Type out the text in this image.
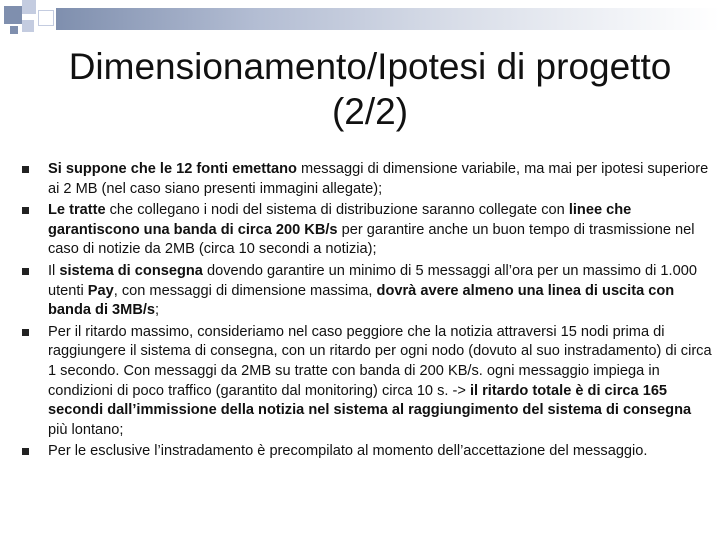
Dimensionamento/Ipotesi di progetto
(2/2)
Si suppone che le 12 fonti emettano messaggi di dimensione variabile, ma mai per ipotesi superiore ai 2 MB (nel caso siano presenti immagini allegate);
Le tratte che collegano i nodi del sistema di distribuzione saranno collegate con linee che garantiscono una banda di circa 200 KB/s per garantire anche un buon tempo di trasmissione nel caso di notizie da 2MB (circa 10 secondi a notizia);
Il sistema di consegna dovendo garantire un minimo di 5 messaggi all’ora per un massimo di 1.000 utenti Pay, con messaggi di dimensione massima, dovrà avere almeno una linea di uscita con banda di 3MB/s;
Per il ritardo massimo, consideriamo nel caso peggiore che la notizia attraversi 15 nodi prima di raggiungere il sistema di consegna, con un ritardo per ogni nodo (dovuto al suo instradamento) di circa 1 secondo. Con messaggi da 2MB su tratte con banda di 200 KB/s. ogni messaggio impiega in condizioni di poco traffico (garantito dal monitoring) circa 10 s. -> il ritardo totale è di circa 165 secondi dall’immissione della notizia nel sistema al raggiungimento del sistema di consegna più lontano;
Per le esclusive l’instradamento è precompilato al momento dell’accettazione del messaggio.
